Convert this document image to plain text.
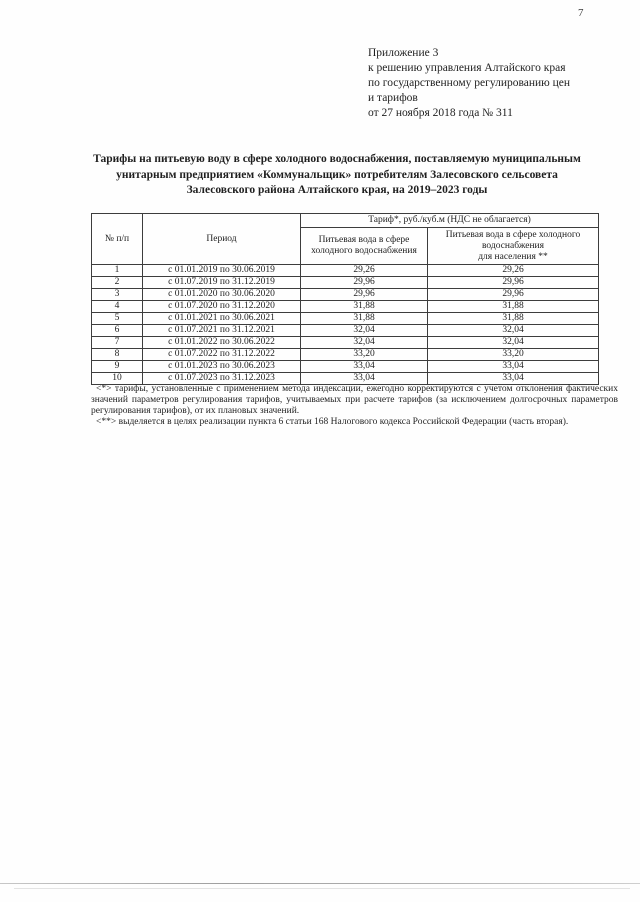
7
Приложение 3
к решению управления Алтайского края
по государственному регулированию цен
и тарифов
от 27 ноября 2018 года № 311
Тарифы на питьевую воду в сфере холодного водоснабжения, поставляемую муниципальным унитарным предприятием «Коммунальщик» потребителям Залесовского сельсовета Залесовского района Алтайского края, на 2019–2023 годы
№ п/п	Период	Тариф*, руб./куб.м (НДС не облагается)	
		Питьевая вода в сфере холодного водоснабжения	Питьевая вода в сфере холодного
водоснабжения
для населения **

1	с 01.01.2019 по 30.06.2019	29,26	29,26
2	с 01.07.2019 по 31.12.2019	29,96	29,96
3	с 01.01.2020 по 30.06.2020	29,96	29,96
4	с 01.07.2020 по 31.12.2020	31,88	31,88
5	с 01.01.2021 по 30.06.2021	31,88	31,88
6	с 01.07.2021 по 31.12.2021	32,04	32,04
7	с 01.01.2022 по 30.06.2022	32,04	32,04
8	с 01.07.2022 по 31.12.2022	33,20	33,20
9	с 01.01.2023 по 30.06.2023	33,04	33,04
10	с 01.07.2023 по 31.12.2023	33,04	33,04

<*> тарифы, установленные с применением метода индексации, ежегодно корректируются с учетом отклонения фактических значений параметров регулирования тарифов, учитываемых при расчете тарифов (за исключением долгосрочных параметров регулирования тарифов), от их плановых значений.

<**> выделяется в целях реализации пункта 6 статьи 168 Налогового кодекса Российской Федерации (часть вторая).
